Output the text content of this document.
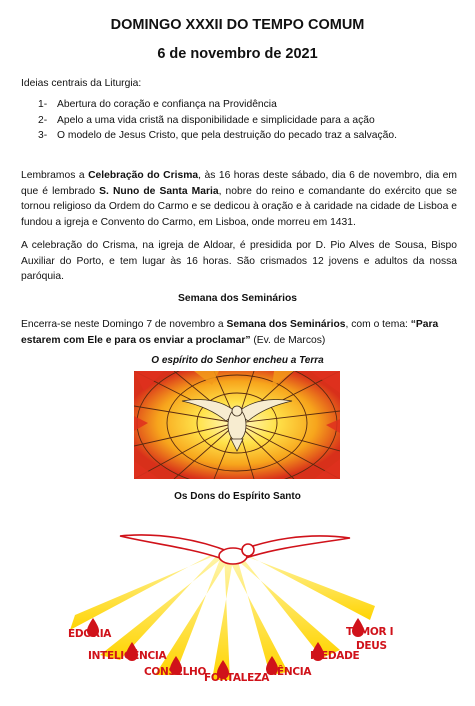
DOMINGO XXXII DO TEMPO COMUM
6 de novembro de 2021
Ideias centrais da Liturgia:
1- Abertura do coração e confiança na Providência
2- Apelo a uma vida cristã na disponibilidade e simplicidade para a ação
3- O modelo de Jesus Cristo, que pela destruição do pecado traz a salvação.
Lembramos a Celebração do Crisma, às 16 horas deste sábado, dia 6 de novembro, dia em que é lembrado S. Nuno de Santa Maria, nobre do reino e comandante do exército que se tornou religioso da Ordem do Carmo e se dedicou à oração e à caridade na cidade de Lisboa e fundou a igreja e Convento do Carmo, em Lisboa, onde morreu em 1431.
A celebração do Crisma, na igreja de Aldoar, é presidida por D. Pio Alves de Sousa, Bispo Auxiliar do Porto, e tem lugar às 16 horas. São crismados 12 jovens e adultos da nossa paróquia.
Semana dos Seminários
Encerra-se neste Domingo 7 de novembro a Semana dos Seminários, com o tema: “Para estarem com Ele e para os enviar a proclamar” (Ev. de Marcos)
O espírito do Senhor encheu a Terra
Os Dons do Espírito Santo
EDORIA
INTELIGÊNCIA
CONSELHO
FORTALEZA
CIÊNCIA
PIEDADE
TEMOR I
DEUS
